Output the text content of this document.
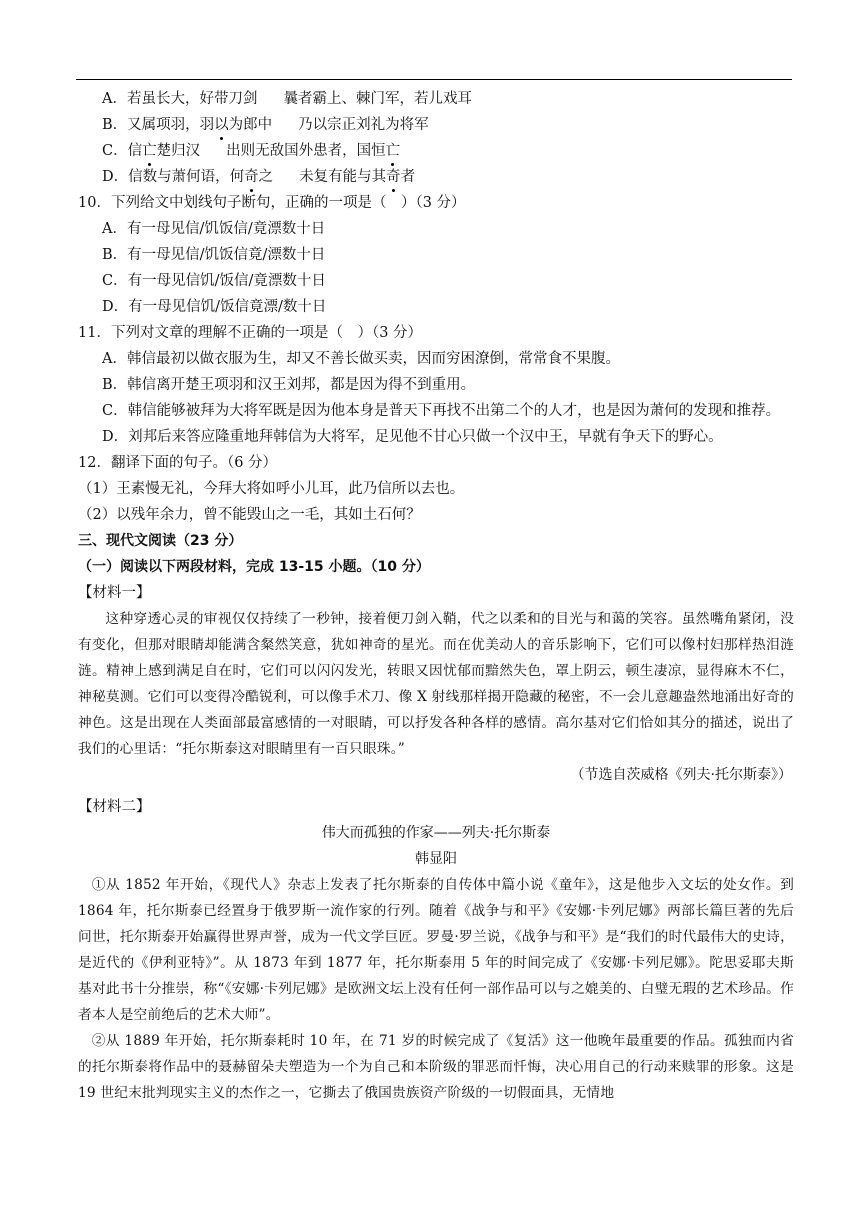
A．若虽长大，好带刀剑 曩者霸上、棘门军，若儿戏耳
B．又属项羽，羽以为郎中 乃以宗正刘礼为将军
C．信亡楚归汉 出则无敌国外患者，国恒亡
D．信数与萧何语，何奇之 未复有能与其奇者
10．下列给文中划线句子断句，正确的一项是（　）（3 分）
A．有一母见信/饥饭信/竟漂数十日
B．有一母见信/饥饭信竟/漂数十日
C．有一母见信饥/饭信/竟漂数十日
D．有一母见信饥/饭信竟漂/数十日
11．下列对文章的理解不正确的一项是（　）（3 分）
A．韩信最初以做衣服为生，却又不善长做买卖，因而穷困潦倒，常常食不果腹。
B．韩信离开楚王项羽和汉王刘邦，都是因为得不到重用。
C．韩信能够被拜为大将军既是因为他本身是普天下再找不出第二个的人才，也是因为萧何的发现和推荐。
D．刘邦后来答应隆重地拜韩信为大将军，足见他不甘心只做一个汉中王，早就有争天下的野心。
12．翻译下面的句子。（6 分）
（1）王素慢无礼，今拜大将如呼小儿耳，此乃信所以去也。
（2）以残年余力，曾不能毁山之一毛，其如土石何？
三、现代文阅读（23 分）
（一）阅读以下两段材料，完成 13-15 小题。（10 分）
【材料一】
这种穿透心灵的审视仅仅持续了一秒钟，接着便刀剑入鞘，代之以柔和的目光与和蔼的笑容。虽然嘴角紧闭，没有变化，但那对眼睛却能满含粲然笑意，犹如神奇的星光。而在优美动人的音乐影响下，它们可以像村妇那样热泪涟涟。精神上感到满足自在时，它们可以闪闪发光，转眼又因忧郁而黯然失色，罩上阴云，顿生凄凉，显得麻木不仁，神秘莫测。它们可以变得冷酷锐利，可以像手术刀、像 X 射线那样揭开隐藏的秘密，不一会儿意趣盎然地涌出好奇的神色。这是出现在人类面部最富感情的一对眼睛，可以抒发各种各样的感情。高尔基对它们恰如其分的描述，说出了我们的心里话：“托尔斯泰这对眼睛里有一百只眼珠。”
（节选自茨威格《列夫·托尔斯泰》）
【材料二】
伟大而孤独的作家——列夫·托尔斯泰
韩显阳
①从 1852 年开始，《现代人》杂志上发表了托尔斯泰的自传体中篇小说《童年》，这是他步入文坛的处女作。到 1864 年，托尔斯泰已经置身于俄罗斯一流作家的行列。随着《战争与和平》《安娜·卡列尼娜》两部长篇巨著的先后问世，托尔斯泰开始赢得世界声誉，成为一代文学巨匠。罗曼·罗兰说，《战争与和平》是“我们的时代最伟大的史诗，是近代的《伊利亚特》”。从 1873 年到 1877 年，托尔斯泰用 5 年的时间完成了《安娜·卡列尼娜》。陀思妥耶夫斯基对此书十分推崇，称“《安娜·卡列尼娜》是欧洲文坛上没有任何一部作品可以与之媲美的、白璧无瑕的艺术珍品。作者本人是空前绝后的艺术大师”。
②从 1889 年开始，托尔斯泰耗时 10 年，在 71 岁的时候完成了《复活》这一他晚年最重要的作品。孤独而内省的托尔斯泰将作品中的聂赫留朵夫塑造为一个为自己和本阶级的罪恶而忏悔，决心用自己的行动来赎罪的形象。这是 19 世纪末批判现实主义的杰作之一，它撕去了俄国贵族资产阶级的一切假面具，无情地
